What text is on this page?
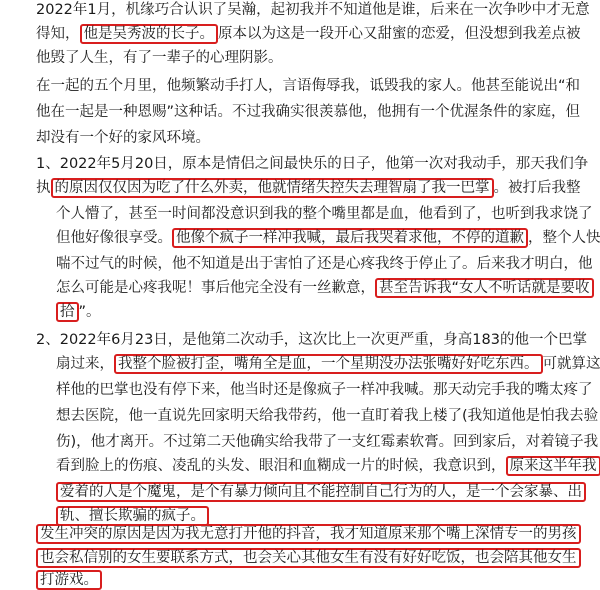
2022年1月，机缘巧合认识了吴瀚，起初我并不知道他是谁，后来在一次争吵中才无意
得知， 他是吴秀波的长子。 原本以为这是一段开心又甜蜜的恋爱，但没想到我差点被
他毁了人生，有了一辈子的心理阴影。
在一起的五个月里，他频繁动手打人，言语侮辱我，诋毁我的家人。他甚至能说出“和
他在一起是一种恩赐”这种话。不过我确实很羡慕他，他拥有一个优渥条件的家庭，但
却没有一个好的家风环境。
1、2022年5月20日，原本是情侣之间最快乐的日子，他第一次对我动手，那天我们争
执 的原因仅仅因为吃了什么外卖，他就情绪失控失去理智扇了我一巴掌 。被打后我整
个人懵了，甚至一时间都没意识到我的整个嘴里都是血，他看到了，也听到我求饶了
但他好像很享受。 他像个疯子一样冲我喊，最后我哭着求他，不停的道歉 ，整个人快
喘不过气的时候，他不知道是出于害怕了还是心疼我终于停止了。后来我才明白，他
怎么可能是心疼我呢！事后他完全没有一丝歉意， 甚至告诉我“女人不听话就是要收
拾 ”。
2、2022年6月23日，是他第二次动手，这次比上一次更严重，身高183的他一个巴掌
扇过来， 我整个脸被打歪，嘴角全是血，一个星期没办法张嘴好好吃东西。 可就算这
样他的巴掌也没有停下来，他当时还是像疯子一样冲我喊。那天动完手我的嘴太疼了
想去医院，他一直说先回家明天给我带药，他一直盯着我上楼了(我知道他是怕我去验
伤)，他才离开。不过第二天他确实给我带了一支红霉素软膏。回到家后，对着镜子我
看到脸上的伤痕、凌乱的头发、眼泪和血糊成一片的时候，我意识到， 原来这半年我
爱着的人是个魔鬼，是个有暴力倾向且不能控制自己行为的人，是一个会家暴、出
轨、擅长欺骗的疯子。
发生冲突的原因是因为我无意打开他的抖音，我才知道原来那个嘴上深情专一的男孩
也会私信别的女生要联系方式，也会关心其他女生有没有好好吃饭，也会陪其他女生
打游戏。
